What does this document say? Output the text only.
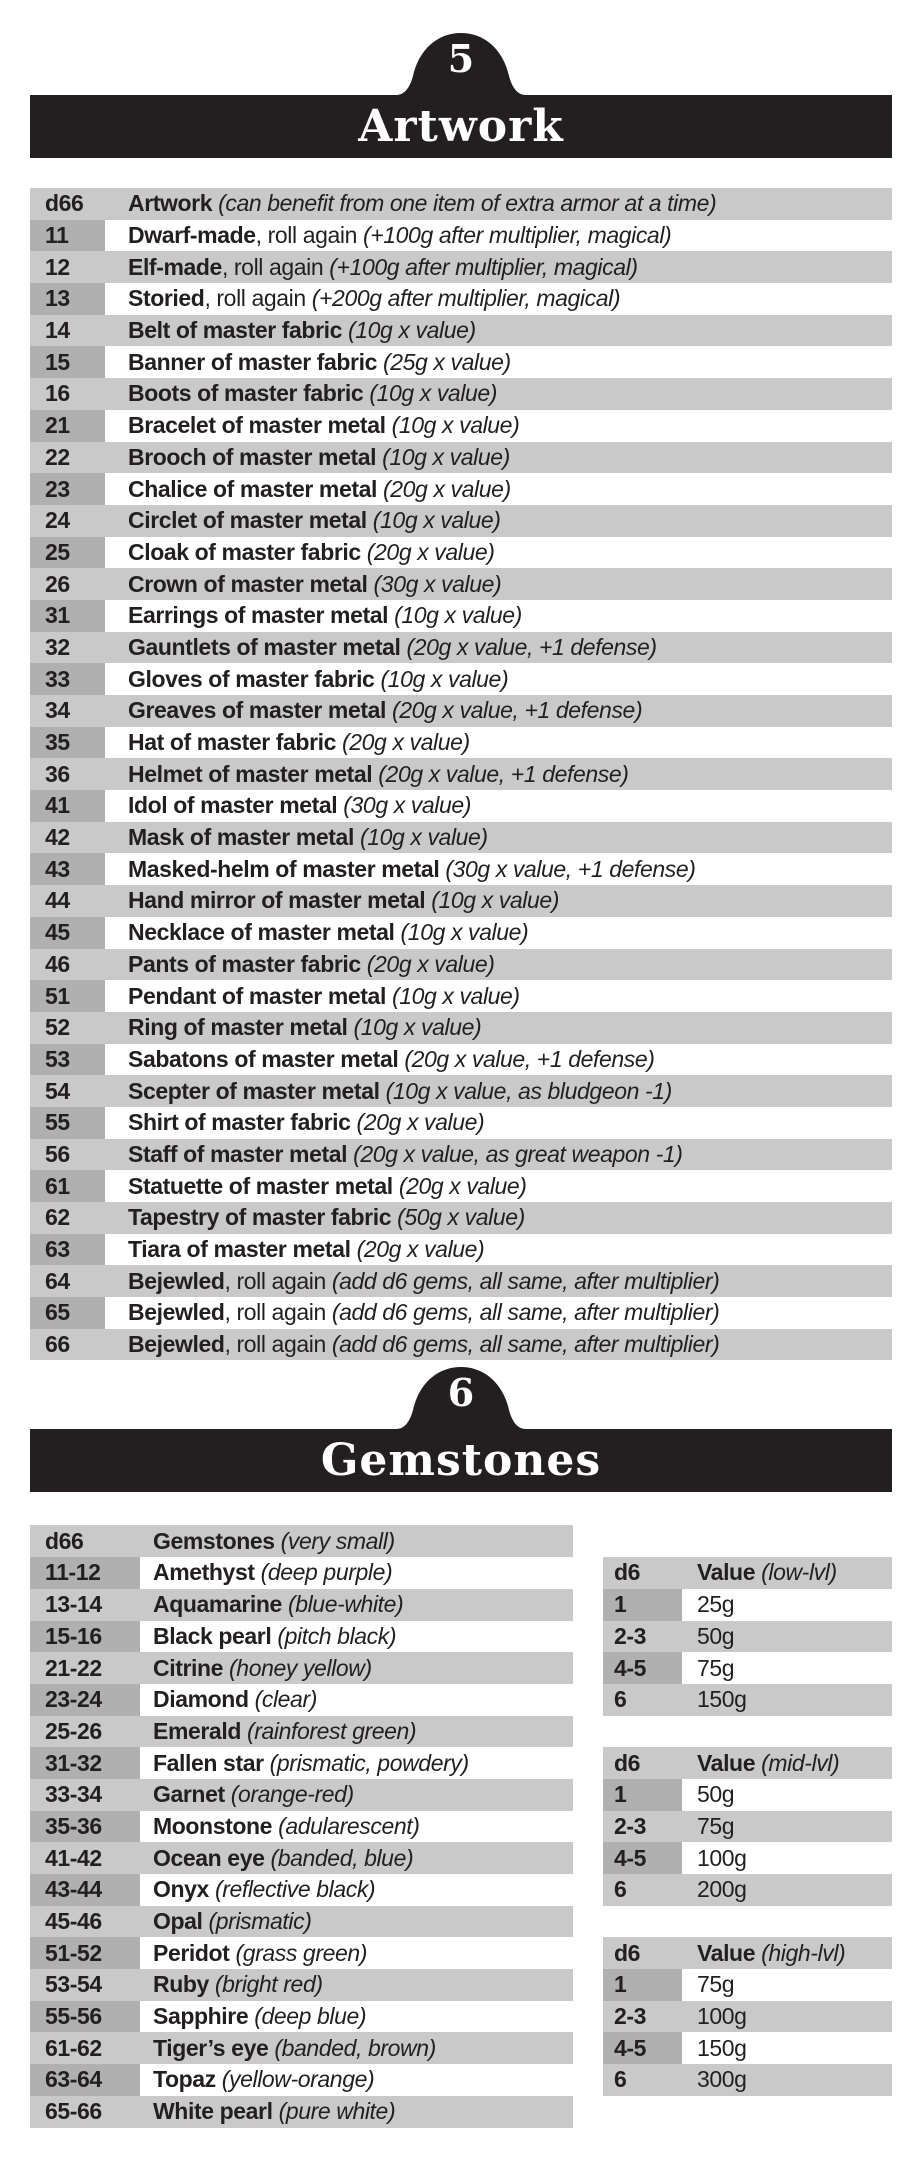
5
Artwork
d66	Artwork
(can benefit from one item of extra armor at a time)
11	Dwarf-made , roll again
(+100g after multiplier, magical)
12	Elf-made , roll again
(+100g after multiplier, magical)
13	Storied , roll again
(+200g after multiplier, magical)
14	Belt of master fabric
(10g x value)
15	Banner of master fabric
(25g x value)
16	Boots of master fabric
(10g x value)
21	Bracelet of master metal
(10g x value)
22	Brooch of master metal
(10g x value)
23	Chalice of master metal
(20g x value)
24	Circlet of master metal
(10g x value)
25	Cloak of master fabric
(20g x value)
26	Crown of master metal
(30g x value)
31	Earrings of master metal
(10g x value)
32	Gauntlets of master metal
(20g x value, +1 defense)
33	Gloves of master fabric
(10g x value)
34	Greaves of master metal
(20g x value, +1 defense)
35	Hat of master fabric
(20g x value)
36	Helmet of master metal
(20g x value, +1 defense)
41	Idol of master metal
(30g x value)
42	Mask of master metal
(10g x value)
43	Masked-helm of master metal
(30g x value, +1 defense)
44	Hand mirror of master metal
(10g x value)
45	Necklace of master metal
(10g x value)
46	Pants of master fabric
(20g x value)
51	Pendant of master metal
(10g x value)
52	Ring of master metal
(10g x value)
53	Sabatons of master metal
(20g x value, +1 defense)
54	Scepter of master metal
(10g x value, as bludgeon -1)
55	Shirt of master fabric
(20g x value)
56	Staff of master metal
(20g x value, as great weapon -1)
61	Statuette of master metal
(20g x value)
62	Tapestry of master fabric
(50g x value)
63	Tiara of master metal
(20g x value)
64	Bejewled , roll again
(add d6 gems, all same, after multiplier)
65	Bejewled , roll again
(add d6 gems, all same, after multiplier)
66	Bejewled , roll again
(add d6 gems, all same, after multiplier)
6
Gemstones
d66	Gemstones
(very small)
11-12	Amethyst
(deep purple)
13-14	Aquamarine
(blue-white)
15-16	Black pearl
(pitch black)
21-22	Citrine
(honey yellow)
23-24	Diamond
(clear)
25-26	Emerald
(rainforest green)
31-32	Fallen star
(prismatic, powdery)
33-34	Garnet
(orange-red)
35-36	Moonstone
(adularescent)
41-42	Ocean eye
(banded, blue)
43-44	Onyx
(reflective black)
45-46	Opal
(prismatic)
51-52	Peridot
(grass green)
53-54	Ruby
(bright red)
55-56	Sapphire
(deep blue)
61-62	Tiger’s eye
(banded, brown)
63-64	Topaz
(yellow-orange)
65-66	White pearl
(pure white)
d6	Value
(low-lvl)
1	25g
2-3	50g
4-5	75g
6	150g
d6	Value
(mid-lvl)
1	50g
2-3	75g
4-5	100g
6	200g
d6	Value
(high-lvl)
1	75g
2-3	100g
4-5	150g
6	300g
